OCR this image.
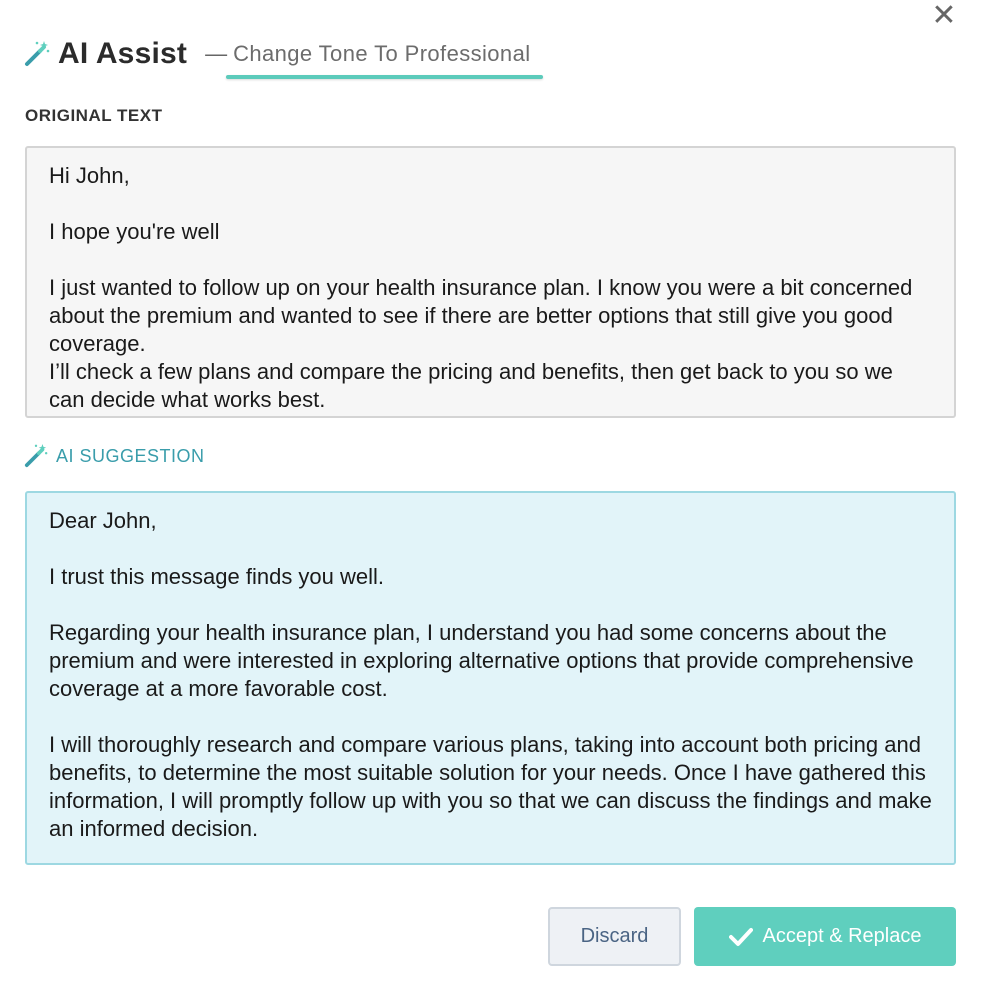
✕
AI Assist — Change Tone To Professional
ORIGINAL TEXT

Hi John,

I hope you're well

I just wanted to follow up on your health insurance plan. I know you were a bit concerned about the premium and wanted to see if there are better options that still give you good coverage.
I’ll check a few plans and compare the pricing and benefits, then get back to you so we can decide what works best.

AI SUGGESTION

Dear John,

I trust this message finds you well.

Regarding your health insurance plan, I understand you had some concerns about the premium and were interested in exploring alternative options that provide comprehensive coverage at a more favorable cost.

I will thoroughly research and compare various plans, taking into account both pricing and benefits, to determine the most suitable solution for your needs. Once I have gathered this information, I will promptly follow up with you so that we can discuss the findings and make an informed decision.

Discard	Accept & Replace
